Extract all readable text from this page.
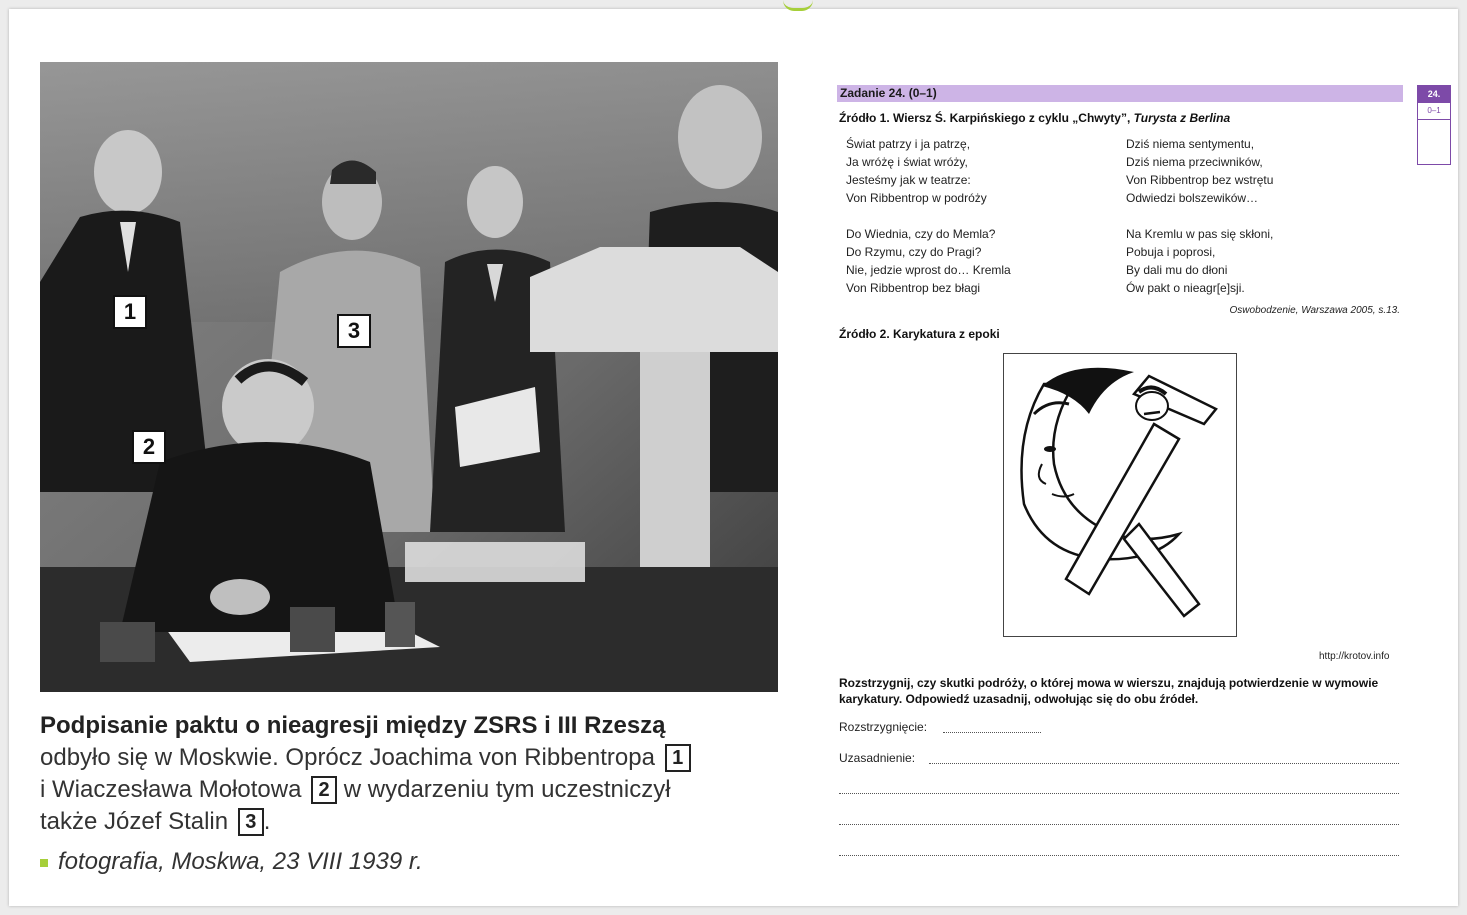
1
2
3
Podpisanie paktu o nieagresji między ZSRS i III Rzeszą
odbyło się w Moskwie. Oprócz Joachima von Ribbentropa 1
i Wiaczesława Mołotowa 2 w wydarzeniu tym uczestniczył
także Józef Stalin 3 .
fotografia, Moskwa, 23 VIII 1939 r.
Zadanie 24. (0–1)	24.
0–1
Źródło 1. Wiersz Ś. Karpińskiego z cyklu „Chwyty”, Turysta z Berlina
Świat patrzy i ja patrzę,
Ja wróżę i świat wróży,
Jesteśmy jak w teatrze:
Von Ribbentrop w podróży
Do Wiednia, czy do Memla?
Do Rzymu, czy do Pragi?
Nie, jedzie wprost do… Kremla
Von Ribbentrop bez błagi
Dziś niema sentymentu,
Dziś niema przeciwników,
Von Ribbentrop bez wstrętu
Odwiedzi bolszewików…
Na Kremlu w pas się skłoni,
Pobuja i poprosi,
By dali mu do dłoni
Ów pakt o nieagr[e]sji.
Oswobodzenie, Warszawa 2005, s.13.
Źródło 2. Karykatura z epoki
http://krotov.info
Rozstrzygnij, czy skutki podróży, o której mowa w wierszu, znajdują potwierdzenie w wymowie karykatury. Odpowiedź uzasadnij, odwołując się do obu źródeł.
Rozstrzygnięcie:
Uzasadnienie:
